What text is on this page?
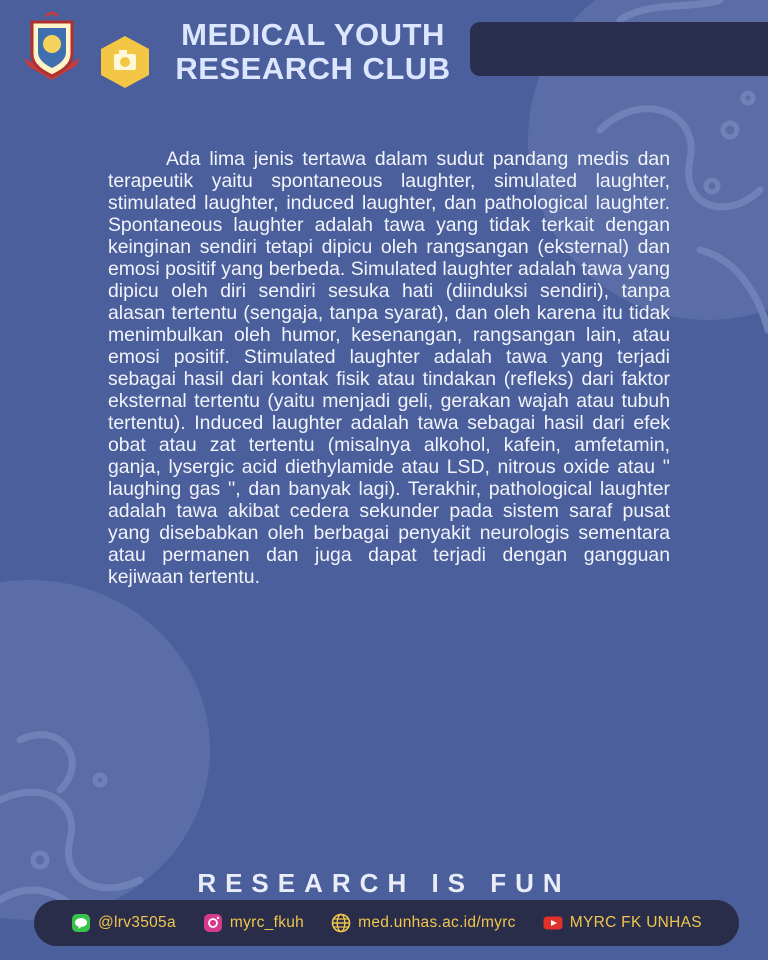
MEDICAL YOUTH
RESEARCH CLUB
Ada lima jenis tertawa dalam sudut pandang medis dan terapeutik yaitu spontaneous laughter, simulated laughter, stimulated laughter, induced laughter, dan pathological laughter. Spontaneous laughter adalah tawa yang tidak terkait dengan keinginan sendiri tetapi dipicu oleh rangsangan (eksternal) dan emosi positif yang berbeda. Simulated laughter adalah tawa yang dipicu oleh diri sendiri sesuka hati (diinduksi sendiri), tanpa alasan tertentu (sengaja, tanpa syarat), dan oleh karena itu tidak menimbulkan oleh humor, kesenangan, rangsangan lain, atau emosi positif. Stimulated laughter adalah tawa yang terjadi sebagai hasil dari kontak fisik atau tindakan (refleks) dari faktor eksternal tertentu (yaitu menjadi geli, gerakan wajah atau tubuh tertentu). Induced laughter adalah tawa sebagai hasil dari efek obat atau zat tertentu (misalnya alkohol, kafein, amfetamin, ganja, lysergic acid diethylamide atau LSD, nitrous oxide atau '' laughing gas '', dan banyak lagi). Terakhir, pathological laughter adalah tawa akibat cedera sekunder pada sistem saraf pusat yang disebabkan oleh berbagai penyakit neurologis sementara atau permanen dan juga dapat terjadi dengan gangguan kejiwaan tertentu.
RESEARCH IS FUN
@lrv3505a	myrc_fkuh	med.unhas.ac.id/myrc	MYRC FK UNHAS
